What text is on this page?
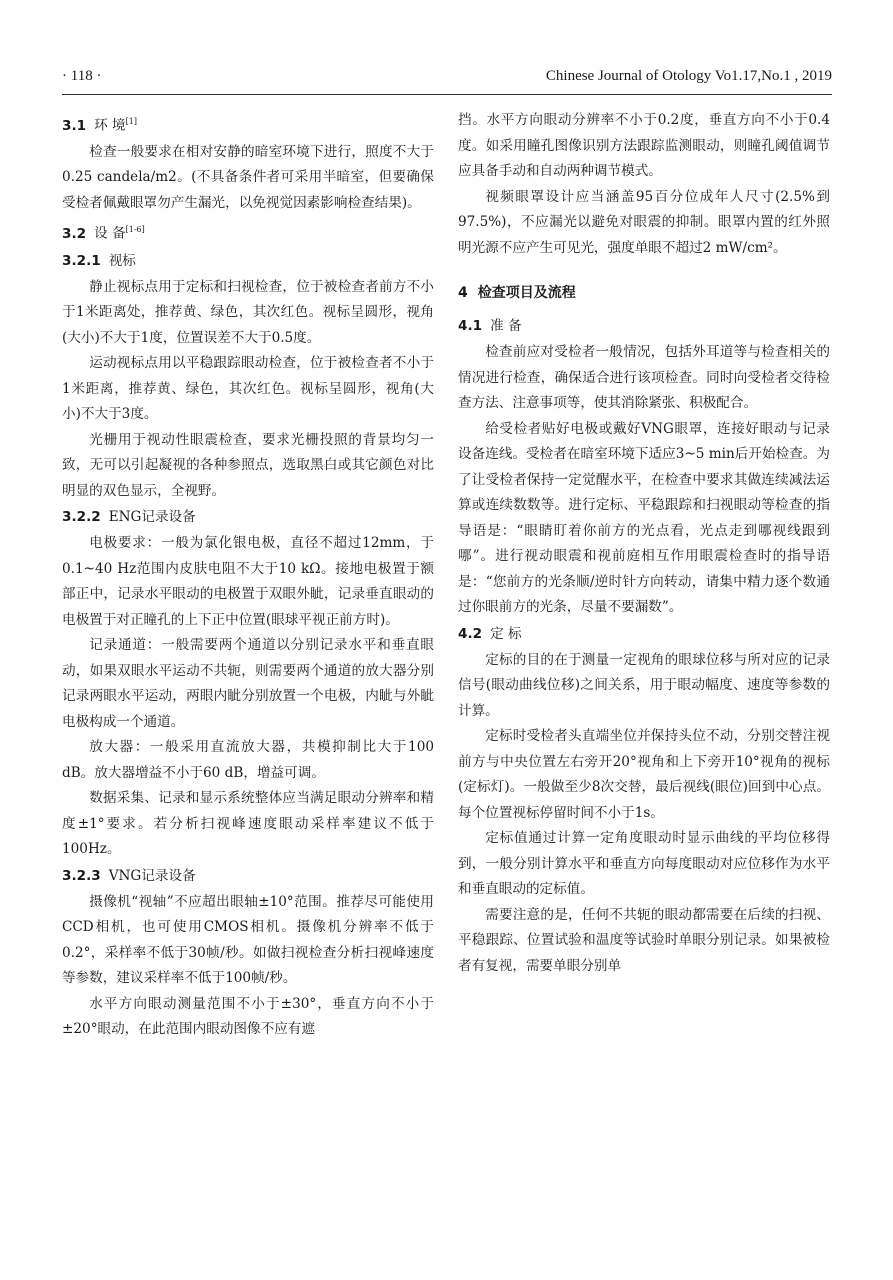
· 118 ·	Chinese Journal of Otology Vo1.17,No.1 , 2019
3.1 环 境[1]

检查一般要求在相对安静的暗室环境下进行，照度不大于0.25 candela/m2。(不具备条件者可采用半暗室，但要确保受检者佩戴眼罩勿产生漏光，以免视觉因素影响检查结果)。

3.2 设 备[1-6]
3.2.1 视标

静止视标点用于定标和扫视检查，位于被检查者前方不小于1米距离处，推荐黄、绿色，其次红色。视标呈圆形，视角(大小)不大于1度，位置误差不大于0.5度。

运动视标点用以平稳跟踪眼动检查，位于被检查者不小于1米距离，推荐黄、绿色，其次红色。视标呈圆形，视角(大小)不大于3度。

光栅用于视动性眼震检查，要求光栅投照的背景均匀一致，无可以引起凝视的各种参照点，选取黑白或其它颜色对比明显的双色显示，全视野。

3.2.2 ENG记录设备

电极要求：一般为氯化银电极，直径不超过12mm，于0.1~40 Hz范围内皮肤电阻不大于10 kΩ。接地电极置于额部正中，记录水平眼动的电极置于双眼外眦，记录垂直眼动的电极置于对正瞳孔的上下正中位置(眼球平视正前方时)。

记录通道：一般需要两个通道以分别记录水平和垂直眼动，如果双眼水平运动不共轭，则需要两个通道的放大器分别记录两眼水平运动，两眼内眦分别放置一个电极，内眦与外眦电极构成一个通道。

放大器：一般采用直流放大器，共模抑制比大于100 dB。放大器增益不小于60 dB，增益可调。

数据采集、记录和显示系统整体应当满足眼动分辨率和精度±1°要求。若分析扫视峰速度眼动采样率建议不低于100Hz。

3.2.3 VNG记录设备

摄像机“视轴”不应超出眼轴±10°范围。推荐尽可能使用CCD相机，也可使用CMOS相机。摄像机分辨率不低于0.2°，采样率不低于30帧/秒。如做扫视检查分析扫视峰速度等参数，建议采样率不低于100帧/秒。

水平方向眼动测量范围不小于±30°，垂直方向不小于±20°眼动，在此范围内眼动图像不应有遮

挡。水平方向眼动分辨率不小于0.2度，垂直方向不小于0.4度。如采用瞳孔图像识别方法跟踪监测眼动，则瞳孔阈值调节应具备手动和自动两种调节模式。

视频眼罩设计应当涵盖95百分位成年人尺寸(2.5%到97.5%)，不应漏光以避免对眼震的抑制。眼罩内置的红外照明光源不应产生可见光，强度单眼不超过2 mW/cm²。

4 检查项目及流程
4.1 准 备

检查前应对受检者一般情况，包括外耳道等与检查相关的情况进行检查，确保适合进行该项检查。同时向受检者交待检查方法、注意事项等，使其消除紧张、积极配合。

给受检者贴好电极或戴好VNG眼罩，连接好眼动与记录设备连线。受检者在暗室环境下适应3~5 min后开始检查。为了让受检者保持一定觉醒水平，在检查中要求其做连续减法运算或连续数数等。进行定标、平稳跟踪和扫视眼动等检查的指导语是：“眼睛盯着你前方的光点看，光点走到哪视线跟到哪”。进行视动眼震和视前庭相互作用眼震检查时的指导语是：“您前方的光条顺/逆时针方向转动，请集中精力逐个数通过你眼前方的光条，尽量不要漏数”。

4.2 定 标

定标的目的在于测量一定视角的眼球位移与所对应的记录信号(眼动曲线位移)之间关系，用于眼动幅度、速度等参数的计算。

定标时受检者头直端坐位并保持头位不动，分别交替注视前方与中央位置左右旁开20°视角和上下旁开10°视角的视标(定标灯)。一般做至少8次交替，最后视线(眼位)回到中心点。每个位置视标停留时间不小于1s。

定标值通过计算一定角度眼动时显示曲线的平均位移得到，一般分别计算水平和垂直方向每度眼动对应位移作为水平和垂直眼动的定标值。

需要注意的是，任何不共轭的眼动都需要在后续的扫视、平稳跟踪、位置试验和温度等试验时单眼分别记录。如果被检者有复视，需要单眼分别单
